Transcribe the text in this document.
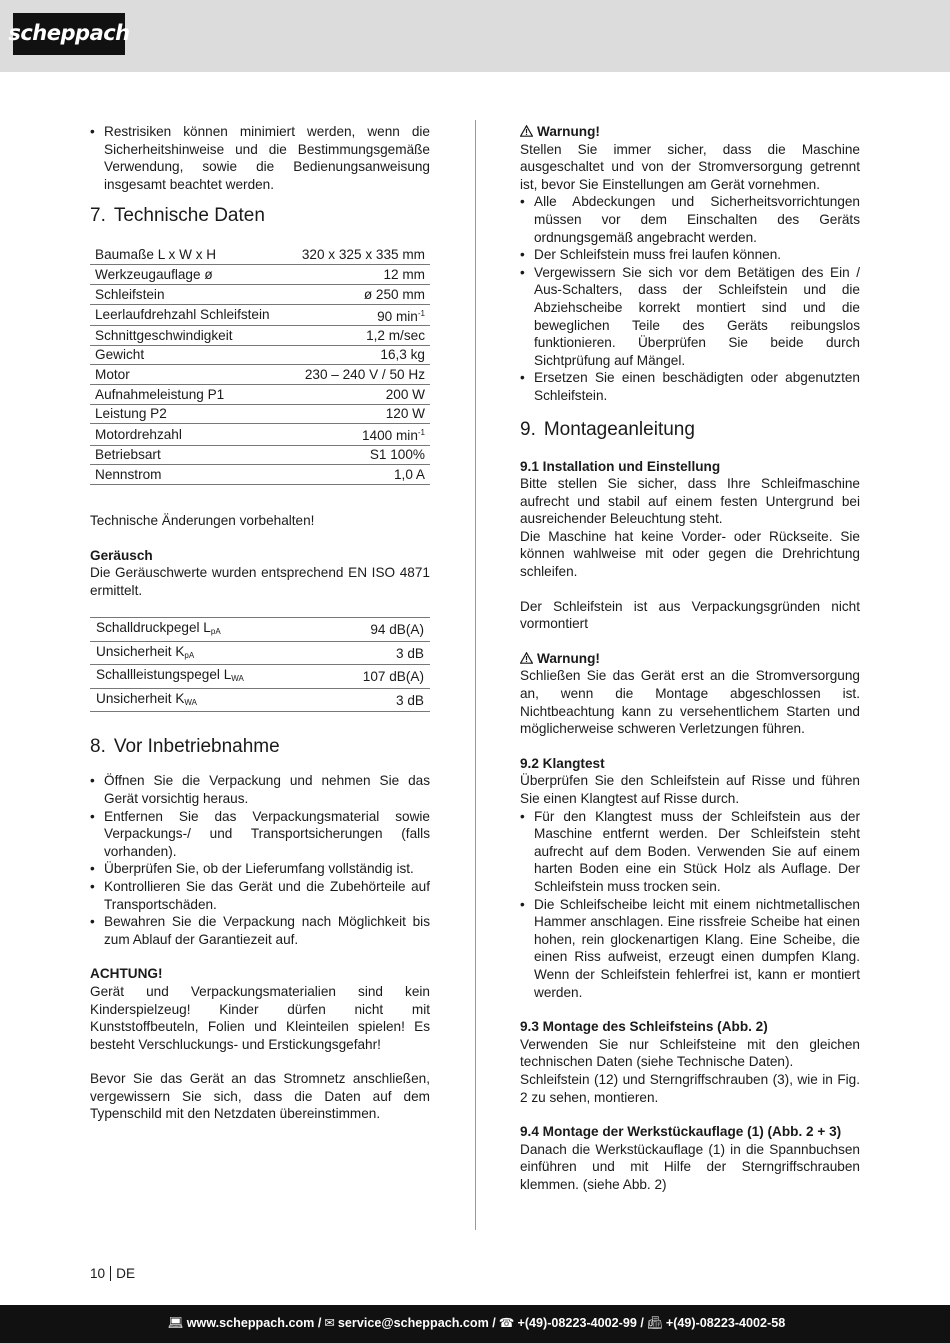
scheppach
• Restrisiken können minimiert werden, wenn die Sicherheitshinweise und die Bestimmungsgemäße Verwendung, sowie die Bedienungsanweisung insgesamt beachtet werden.
7. Technische Daten
Baumaße L x W x H	320 x 325 x 335 mm
Werkzeugauflage ø	12 mm
Schleifstein	ø 250 mm
Leerlaufdrehzahl Schleifstein	90 $\min^{-1}$
Schnittgeschwindigkeit	1,2 m/sec
Gewicht	16,3 kg
Motor	230 – 240 V / 50 Hz
Aufnahmeleistung P1	200 W
Leistung P2	120 W
Motordrehzahl	1400 $\min^{-1}$
Betriebsart	S1 100%
Nennstrom	1,0 A

Technische Änderungen vorbehalten!

Geräusch

Die Geräuschwerte wurden entsprechend EN ISO 4871 ermittelt.

Schalldruckpegel $L_{pA}$	94 dB(A)
Unsicherheit $K_{pA}$	3 dB
Schallleistungspegel $L_{WA}$	107 dB(A)
Unsicherheit $K_{WA}$	3 dB
8. Vor Inbetriebnahme
• Öffnen Sie die Verpackung und nehmen Sie das Gerät vorsichtig heraus.
• Entfernen Sie das Verpackungsmaterial sowie Verpackungs-/ und Transportsicherungen (falls vorhanden).
• Überprüfen Sie, ob der Lieferumfang vollständig ist.
• Kontrollieren Sie das Gerät und die Zubehörteile auf Transportschäden.
• Bewahren Sie die Verpackung nach Möglichkeit bis zum Ablauf der Garantiezeit auf.
ACHTUNG!

Gerät und Verpackungsmaterialien sind kein Kinderspielzeug! Kinder dürfen nicht mit Kunststoffbeuteln, Folien und Kleinteilen spielen! Es besteht Verschluckungs- und Erstickungsgefahr!

Bevor Sie das Gerät an das Stromnetz anschließen, vergewissern Sie sich, dass die Daten auf dem Typenschild mit den Netzdaten übereinstimmen.

Warnung!

Stellen Sie immer sicher, dass die Maschine ausgeschaltet und von der Stromversorgung getrennt ist, bevor Sie Einstellungen am Gerät vornehmen.

• Alle Abdeckungen und Sicherheitsvorrichtungen müssen vor dem Einschalten des Geräts ordnungsgemäß angebracht werden.
• Der Schleifstein muss frei laufen können.
• Vergewissern Sie sich vor dem Betätigen des Ein / Aus-Schalters, dass der Schleifstein und die Abziehscheibe korrekt montiert sind und die beweglichen Teile des Geräts reibungslos funktionieren. Überprüfen Sie beide durch Sichtprüfung auf Mängel.
• Ersetzen Sie einen beschädigten oder abgenutzten Schleifstein.
9. Montageanleitung
9.1 Installation und Einstellung

Bitte stellen Sie sicher, dass Ihre Schleifmaschine aufrecht und stabil auf einem festen Untergrund bei ausreichender Beleuchtung steht.

Die Maschine hat keine Vorder- oder Rückseite. Sie können wahlweise mit oder gegen die Drehrichtung schleifen.

Der Schleifstein ist aus Verpackungsgründen nicht vormontiert

Warnung!

Schließen Sie das Gerät erst an die Stromversorgung an, wenn die Montage abgeschlossen ist. Nichtbeachtung kann zu versehentlichem Starten und möglicherweise schweren Verletzungen führen.

9.2 Klangtest

Überprüfen Sie den Schleifstein auf Risse und führen Sie einen Klangtest auf Risse durch.

• Für den Klangtest muss der Schleifstein aus der Maschine entfernt werden. Der Schleifstein steht aufrecht auf dem Boden. Verwenden Sie auf einem harten Boden eine ein Stück Holz als Auflage. Der Schleifstein muss trocken sein.
• Die Schleifscheibe leicht mit einem nichtmetallischen Hammer anschlagen. Eine rissfreie Scheibe hat einen hohen, rein glockenartigen Klang. Eine Scheibe, die einen Riss aufweist, erzeugt einen dumpfen Klang. Wenn der Schleifstein fehlerfrei ist, kann er montiert werden.
9.3 Montage des Schleifsteins (Abb. 2)

Verwenden Sie nur Schleifsteine mit den gleichen technischen Daten (siehe Technische Daten).

Schleifstein (12) und Sterngriffschrauben (3), wie in Fig. 2 zu sehen, montieren.

9.4 Montage der Werkstückauflage (1) (Abb. 2 + 3)

Danach die Werkstückauflage (1) in die Spannbuchsen einführen und mit Hilfe der Sterngriffschrauben klemmen. (siehe Abb. 2)

10 DE
💻︎ www.scheppach.com / ✉︎ service@scheppach.com / ☎ +(49)-08223-4002-99 / 📠︎ +(49)-08223-4002-58
